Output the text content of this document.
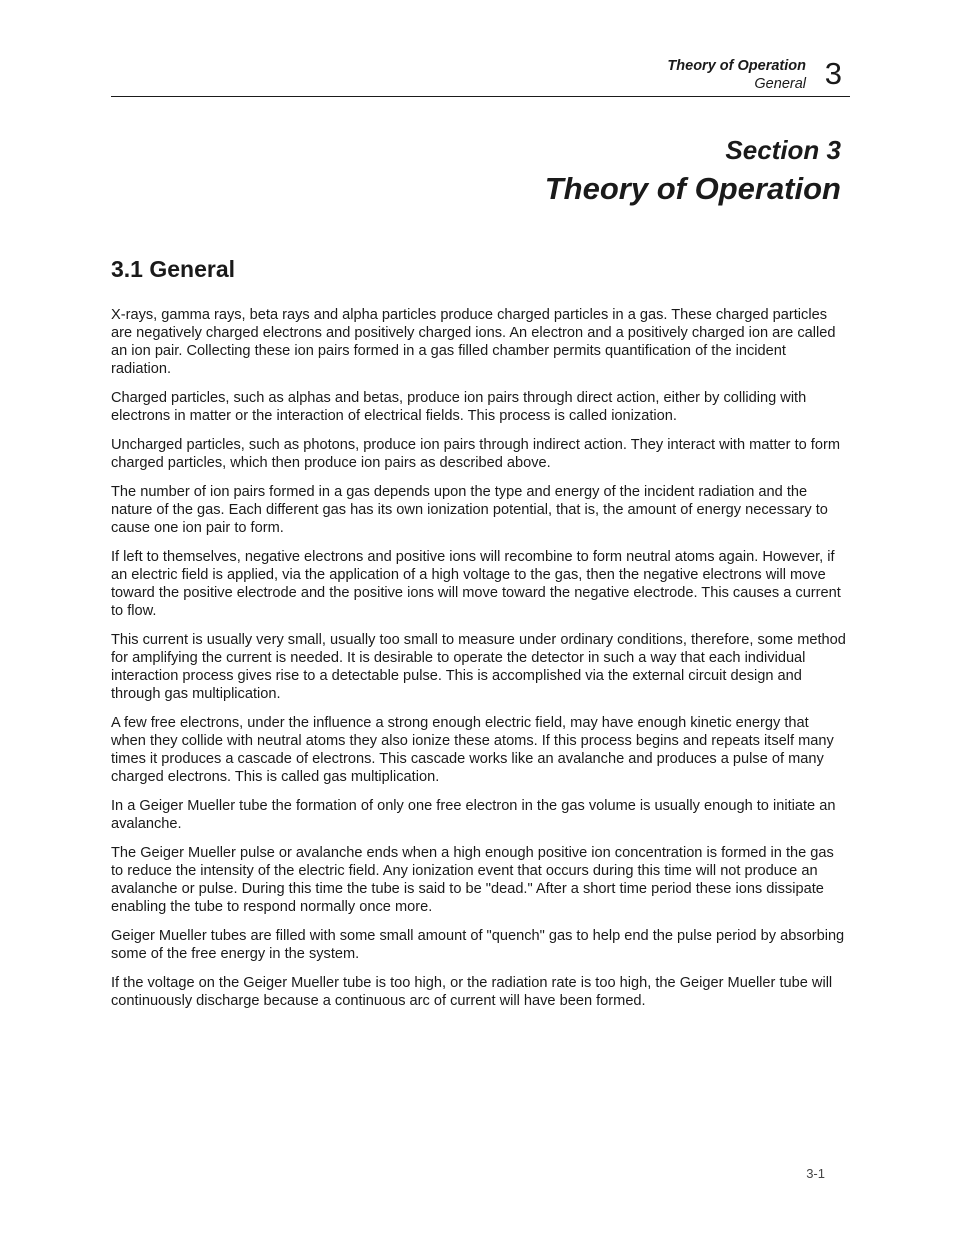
Theory of Operation
General 3
Section 3
Theory of Operation
3.1 General

X-rays, gamma rays, beta rays and alpha particles produce charged particles in a gas. These charged particles are negatively charged electrons and positively charged ions. An electron and a positively charged ion are called an ion pair. Collecting these ion pairs formed in a gas filled chamber permits quantification of the incident radiation.

Charged particles, such as alphas and betas, produce ion pairs through direct action, either by colliding with electrons in matter or the interaction of electrical fields. This process is called ionization.

Uncharged particles, such as photons, produce ion pairs through indirect action. They interact with matter to form charged particles, which then produce ion pairs as described above.

The number of ion pairs formed in a gas depends upon the type and energy of the incident radiation and the nature of the gas. Each different gas has its own ionization potential, that is, the amount of energy necessary to cause one ion pair to form.

If left to themselves, negative electrons and positive ions will recombine to form neutral atoms again. However, if an electric field is applied, via the application of a high voltage to the gas, then the negative electrons will move toward the positive electrode and the positive ions will move toward the negative electrode. This causes a current to flow.

This current is usually very small, usually too small to measure under ordinary conditions, therefore, some method for amplifying the current is needed. It is desirable to operate the detector in such a way that each individual interaction process gives rise to a detectable pulse. This is accomplished via the external circuit design and through gas multiplication.

A few free electrons, under the influence a strong enough electric field, may have enough kinetic energy that when they collide with neutral atoms they also ionize these atoms. If this process begins and repeats itself many times it produces a cascade of electrons. This cascade works like an avalanche and produces a pulse of many charged electrons. This is called gas multiplication.

In a Geiger Mueller tube the formation of only one free electron in the gas volume is usually enough to initiate an avalanche.

The Geiger Mueller pulse or avalanche ends when a high enough positive ion concentration is formed in the gas to reduce the intensity of the electric field. Any ionization event that occurs during this time will not produce an avalanche or pulse. During this time the tube is said to be "dead." After a short time period these ions dissipate enabling the tube to respond normally once more.

Geiger Mueller tubes are filled with some small amount of "quench" gas to help end the pulse period by absorbing some of the free energy in the system.

If the voltage on the Geiger Mueller tube is too high, or the radiation rate is too high, the Geiger Mueller tube will continuously discharge because a continuous arc of current will have been formed.

3-1
